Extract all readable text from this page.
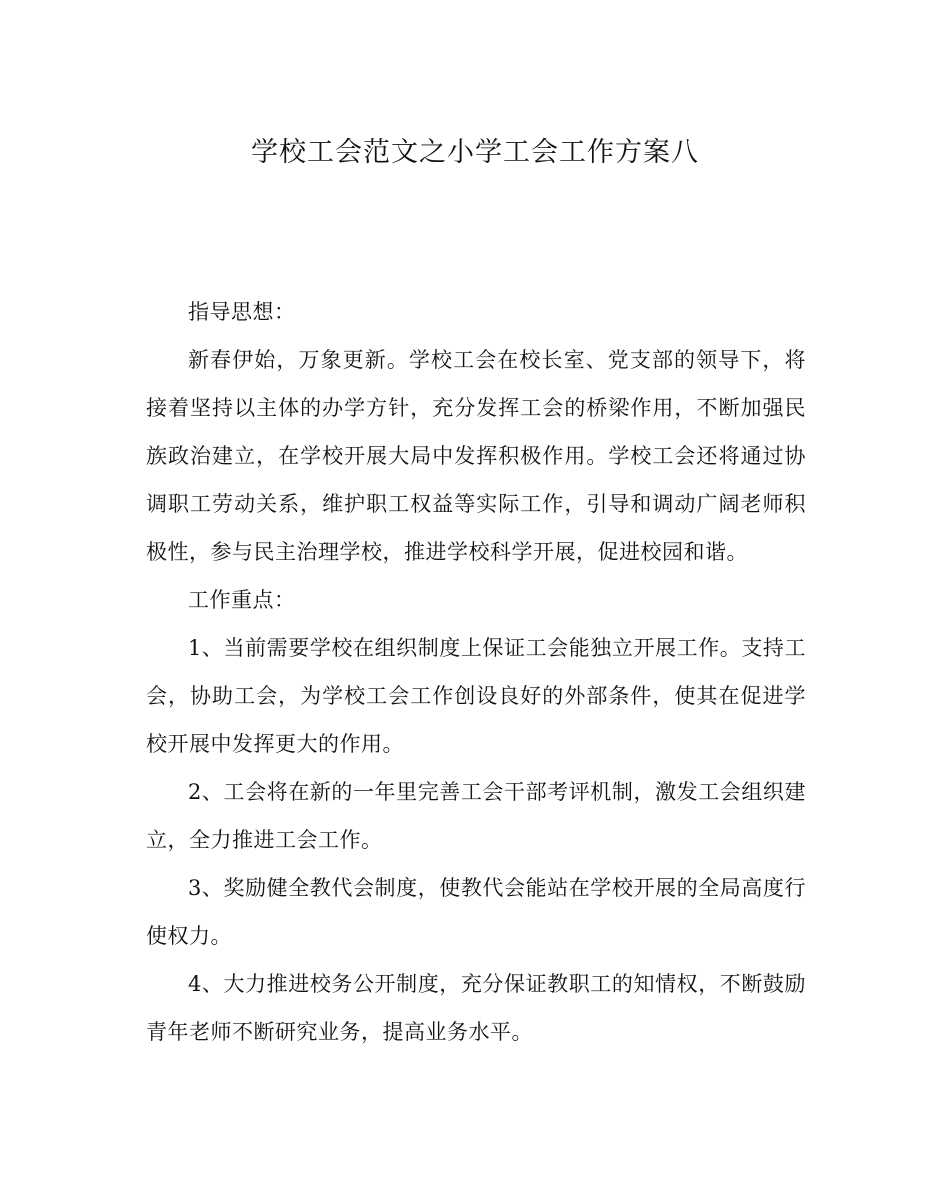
学校工会范文之小学工会工作方案八

指导思想：

新春伊始，万象更新。学校工会在校长室、党支部的领导下，将接着坚持以主体的办学方针，充分发挥工会的桥梁作用，不断加强民族政治建立，在学校开展大局中发挥积极作用。学校工会还将通过协调职工劳动关系，维护职工权益等实际工作，引导和调动广阔老师积极性，参与民主治理学校，推进学校科学开展，促进校园和谐。

工作重点：

1、当前需要学校在组织制度上保证工会能独立开展工作。支持工会，协助工会，为学校工会工作创设良好的外部条件，使其在促进学校开展中发挥更大的作用。

2、工会将在新的一年里完善工会干部考评机制，激发工会组织建立，全力推进工会工作。

3、奖励健全教代会制度，使教代会能站在学校开展的全局高度行使权力。

4、大力推进校务公开制度，充分保证教职工的知情权，不断鼓励青年老师不断研究业务，提高业务水平。
